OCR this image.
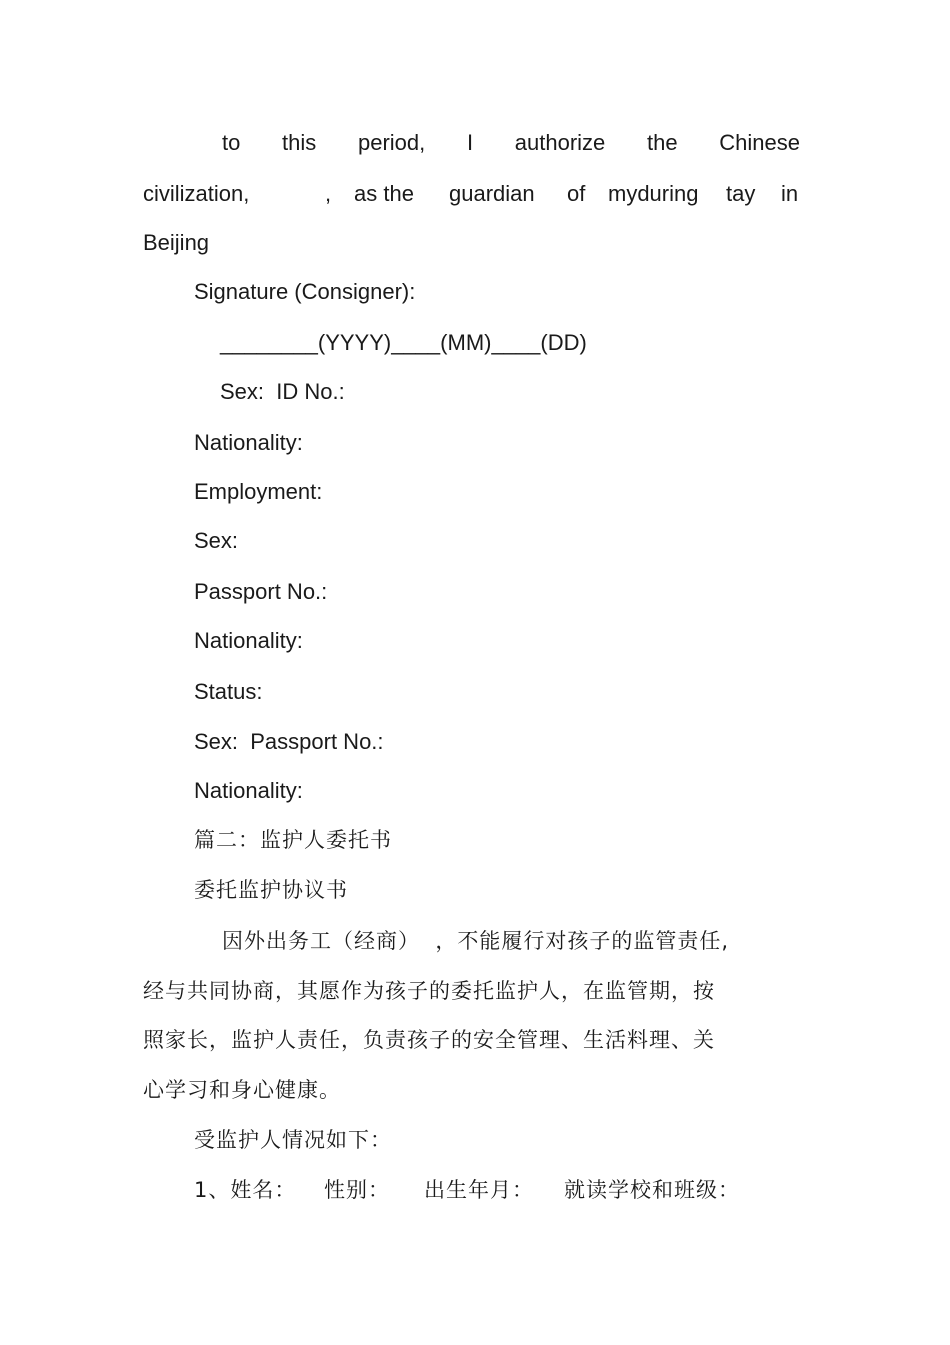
to this period, I authorize the Chinese
civilization,	, as the guardian of myduring tay in
Beijing
Signature (Consigner):
________(YYYY)____(MM)____(DD)
Sex:  ID No.:
Nationality:
Employment:
Sex:
Passport No.:
Nationality:
Status:
Sex:  Passport No.:
Nationality:
篇二：监护人委托书
委托监护协议书
因外出务工（经商）  ，不能履行对孩子的监管责任,
经与共同协商，其愿作为孩子的委托监护人，在监管期，按
照家长，监护人责任，负责孩子的安全管理、生活料理、关
心学习和身心健康。
受监护人情况如下：
1、姓名： 性别： 出生年月： 就读学校和班级：
